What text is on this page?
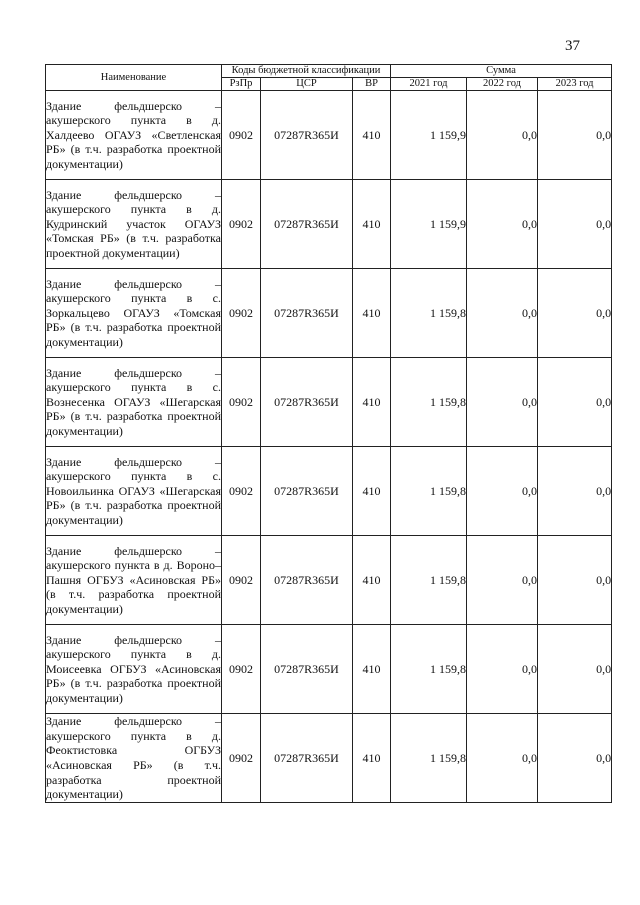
37
Наименование	Коды бюджетной классификации			Сумма		
	РзПр	ЦСР	ВР	2021 год	2022 год	2023 год
Здание фельдшерско – акушерского пункта в д. Халдеево ОГАУЗ «Светленская РБ» (в т.ч. разработка проектной документации)	0902	07287R365И	410	1 159,9	0,0	0,0
Здание фельдшерско – акушерского пункта в д. Кудринский участок ОГАУЗ «Томская РБ» (в т.ч. разработка проектной документации)	0902	07287R365И	410	1 159,9	0,0	0,0
Здание фельдшерско – акушерского пункта в с. Зоркальцево ОГАУЗ «Томская РБ» (в т.ч. разработка проектной документации)	0902	07287R365И	410	1 159,8	0,0	0,0
Здание фельдшерско – акушерского пункта в с. Вознесенка ОГАУЗ «Шегарская РБ» (в т.ч. разработка проектной документации)	0902	07287R365И	410	1 159,8	0,0	0,0
Здание фельдшерско – акушерского пункта в с. Новоильинка ОГАУЗ «Шегарская РБ» (в т.ч. разработка проектной документации)	0902	07287R365И	410	1 159,8	0,0	0,0
Здание фельдшерско – акушерского пункта в д. Вороно–Пашня ОГБУЗ «Асиновская РБ» (в т.ч. разработка проектной документации)	0902	07287R365И	410	1 159,8	0,0	0,0
Здание фельдшерско – акушерского пункта в д. Моисеевка ОГБУЗ «Асиновская РБ» (в т.ч. разработка проектной документации)	0902	07287R365И	410	1 159,8	0,0	0,0
Здание фельдшерско – акушерского пункта в д. Феоктистовка ОГБУЗ «Асиновская РБ» (в т.ч. разработка проектной документации)	0902	07287R365И	410	1 159,8	0,0	0,0
